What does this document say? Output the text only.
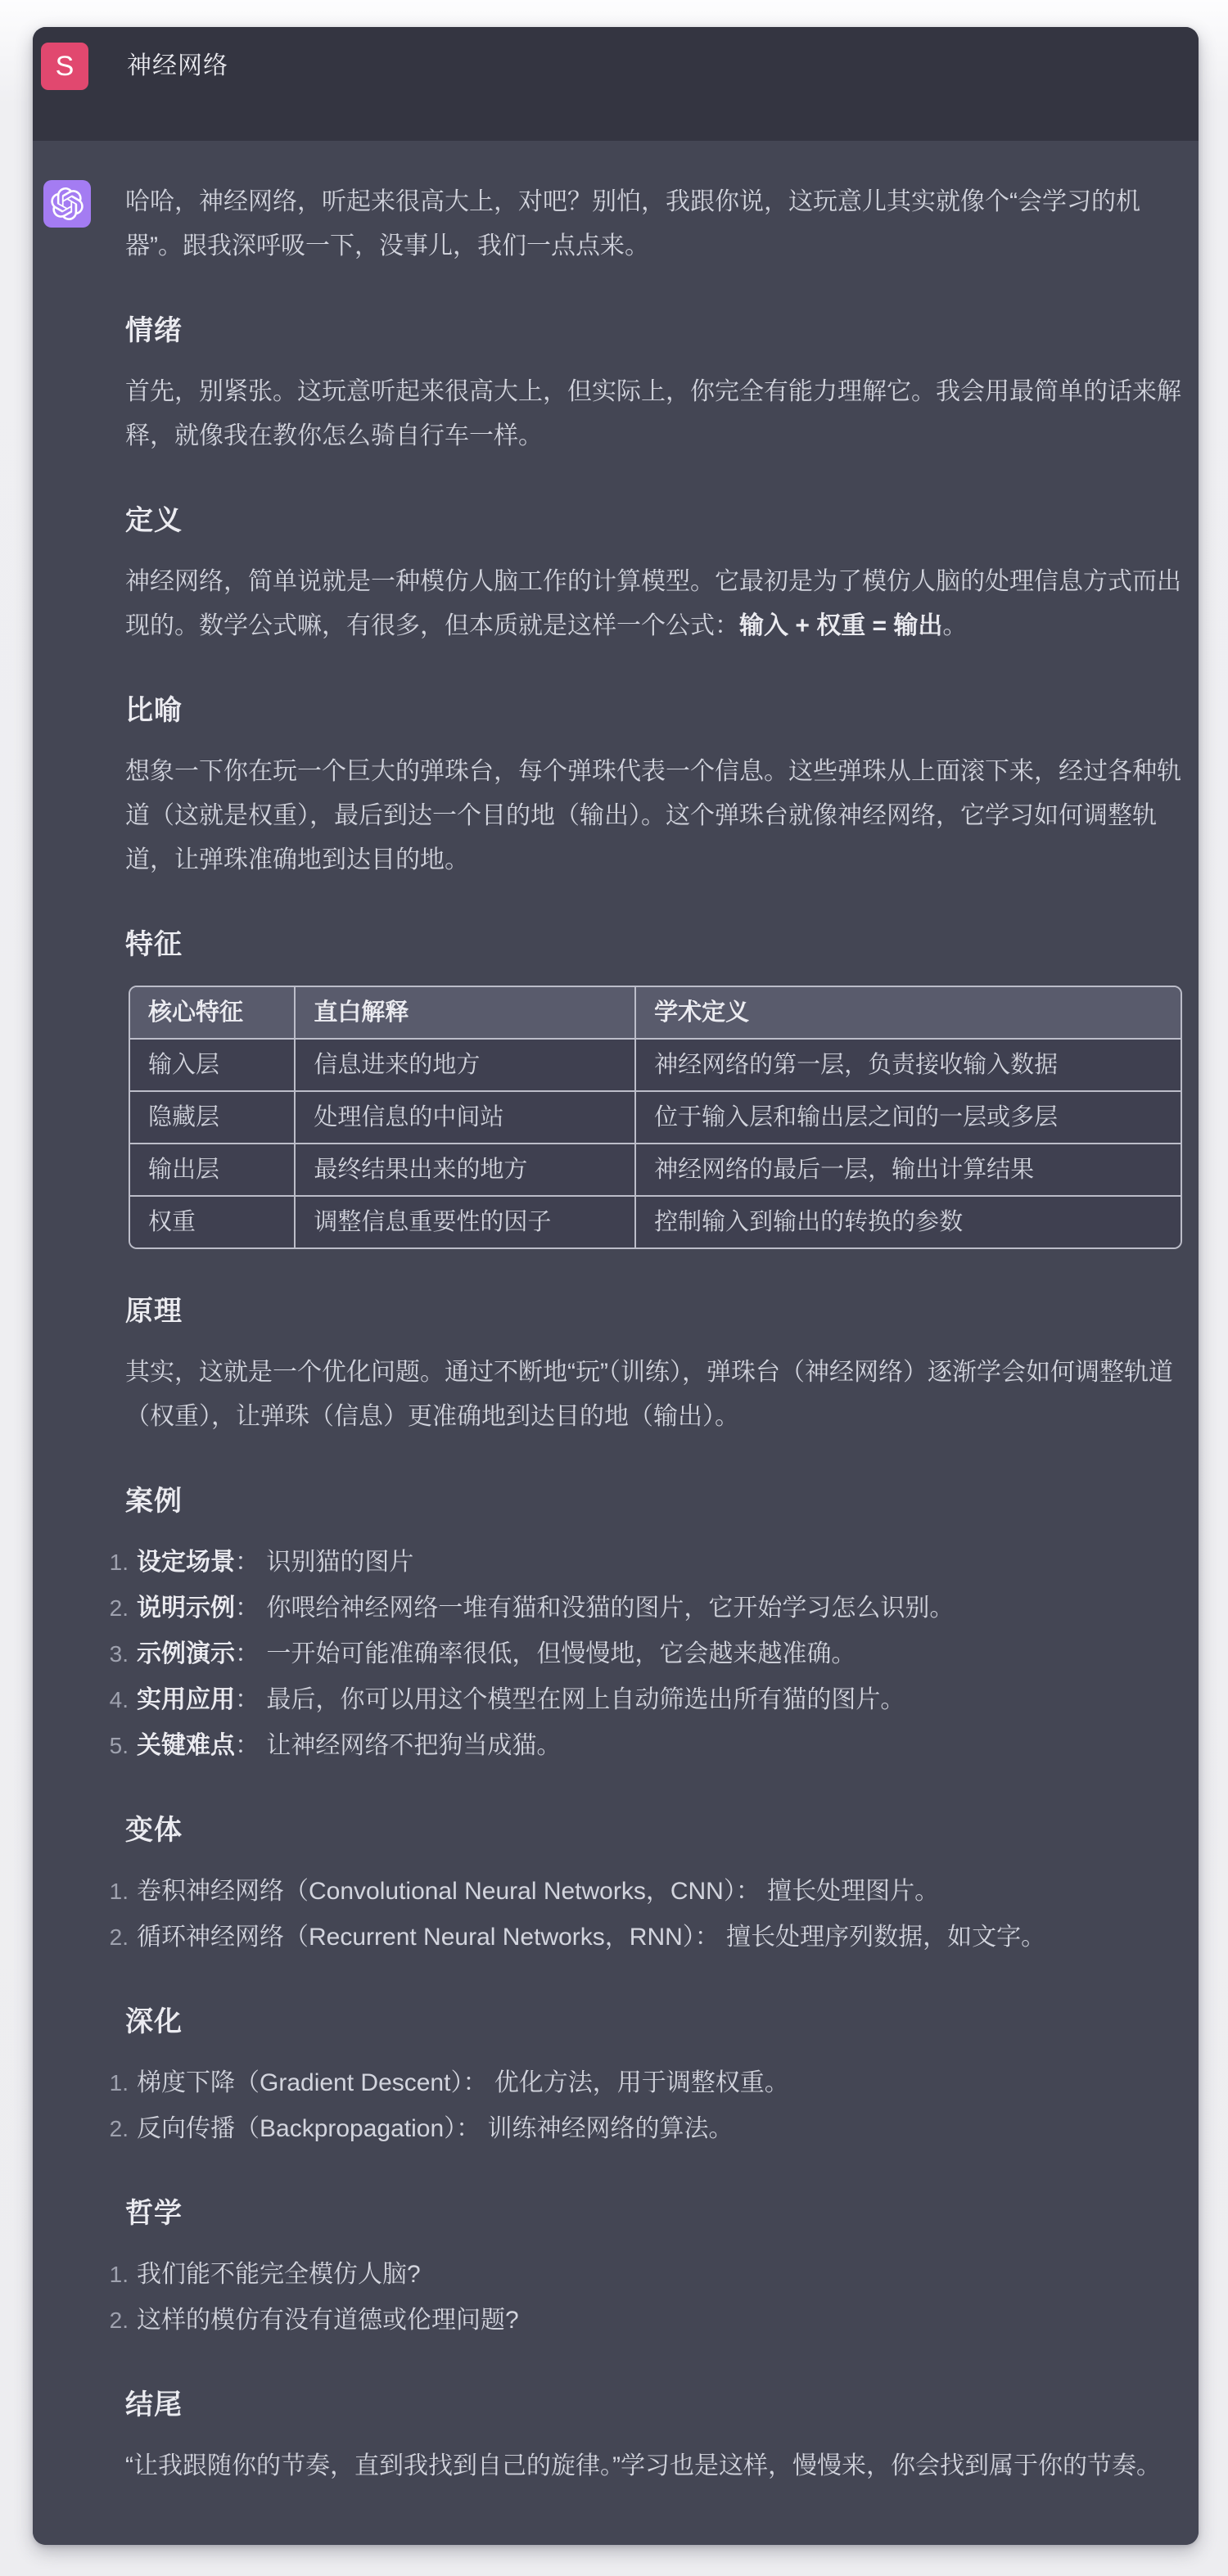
S 神经网络

哈哈，神经网络，听起来很高大上，对吧？别怕，我跟你说，这玩意儿其实就像个“会学习的机器”。跟我深呼吸一下，没事儿，我们一点点来。

情绪

首先，别紧张。这玩意听起来很高大上，但实际上，你完全有能力理解它。我会用最简单的话来解释，就像我在教你怎么骑自行车一样。

定义

神经网络，简单说就是一种模仿人脑工作的计算模型。它最初是为了模仿人脑的处理信息方式而出现的。数学公式嘛，有很多，但本质就是这样一个公式：输入 + 权重 = 输出。

比喻

想象一下你在玩一个巨大的弹珠台，每个弹珠代表一个信息。这些弹珠从上面滚下来，经过各种轨道（这就是权重），最后到达一个目的地（输出）。这个弹珠台就像神经网络，它学习如何调整轨道，让弹珠准确地到达目的地。

特征
核心特征	直白解释	学术定义
输入层	信息进来的地方	神经网络的第一层，负责接收输入数据
隐藏层	处理信息的中间站	位于输入层和输出层之间的一层或多层
输出层	最终结果出来的地方	神经网络的最后一层，输出计算结果
权重	调整信息重要性的因子	控制输入到输出的转换的参数
原理

其实，这就是一个优化问题。通过不断地“玩”（训练），弹珠台（神经网络）逐渐学会如何调整轨道（权重），让弹珠（信息）更准确地到达目的地（输出）。

案例
设定场景： 识别猫的图片
说明示例： 你喂给神经网络一堆有猫和没猫的图片，它开始学习怎么识别。
示例演示： 一开始可能准确率很低，但慢慢地，它会越来越准确。
实用应用： 最后，你可以用这个模型在网上自动筛选出所有猫的图片。
关键难点： 让神经网络不把狗当成猫。
变体
卷积神经网络（Convolutional Neural Networks，CNN）： 擅长处理图片。
循环神经网络（Recurrent Neural Networks，RNN）： 擅长处理序列数据，如文字。
深化
梯度下降（Gradient Descent）： 优化方法，用于调整权重。
反向传播（Backpropagation）： 训练神经网络的算法。
哲学
我们能不能完全模仿人脑?
这样的模仿有没有道德或伦理问题?
结尾

“让我跟随你的节奏，直到我找到自己的旋律。”学习也是这样，慢慢来，你会找到属于你的节奏。
